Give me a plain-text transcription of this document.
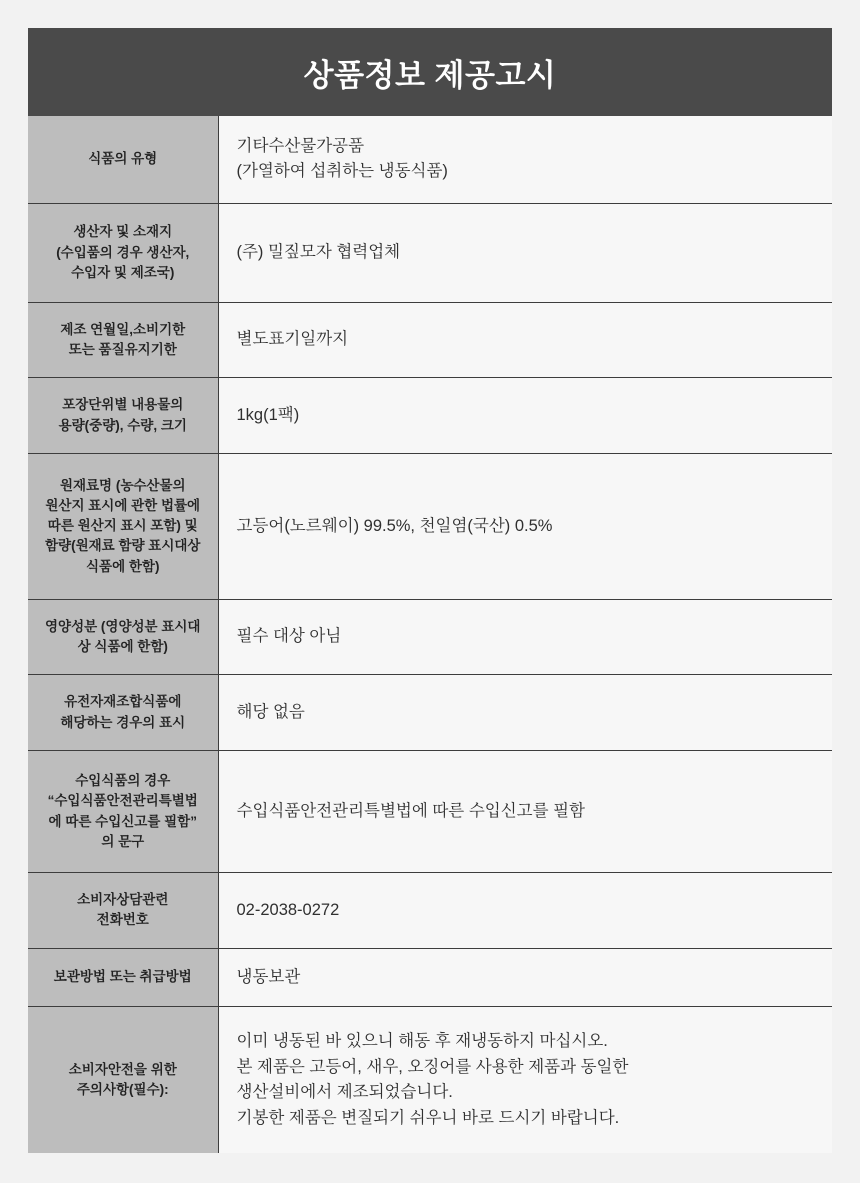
상품정보 제공고시
식품의 유형	기타수산물가공품
(가열하여 섭취하는 냉동식품)

생산자 및 소재지
(수입품의 경우 생산자,
수입자 및 제조국)	(주) 밀짚모자 협력업체

제조 연월일,소비기한
또는 품질유지기한	별도표기일까지

포장단위별 내용물의
용량(중량), 수량, 크기	1kg(1팩)

원재료명 (농수산물의
원산지 표시에 관한 법률에
따른 원산지 표시 포함) 및
함량(원재료 함량 표시대상
식품에 한함)	고등어(노르웨이) 99.5%, 천일염(국산) 0.5%

영양성분 (영양성분 표시대
상 식품에 한함)	필수 대상 아님

유전자재조합식품에
해당하는 경우의 표시	해당 없음

수입식품의 경우
“수입식품안전관리특별법
에 따른 수입신고를 필함”
의 문구	수입식품안전관리특별법에 따른 수입신고를 필함

소비자상담관련
전화번호	02-2038-0272

보관방법 또는 취급방법	냉동보관

소비자안전을 위한
주의사항(필수):	이미 냉동된 바 있으니 해동 후 재냉동하지 마십시오.
본 제품은 고등어, 새우, 오징어를 사용한 제품과 동일한
생산설비에서 제조되었습니다.
기봉한 제품은 변질되기 쉬우니 바로 드시기 바랍니다.
